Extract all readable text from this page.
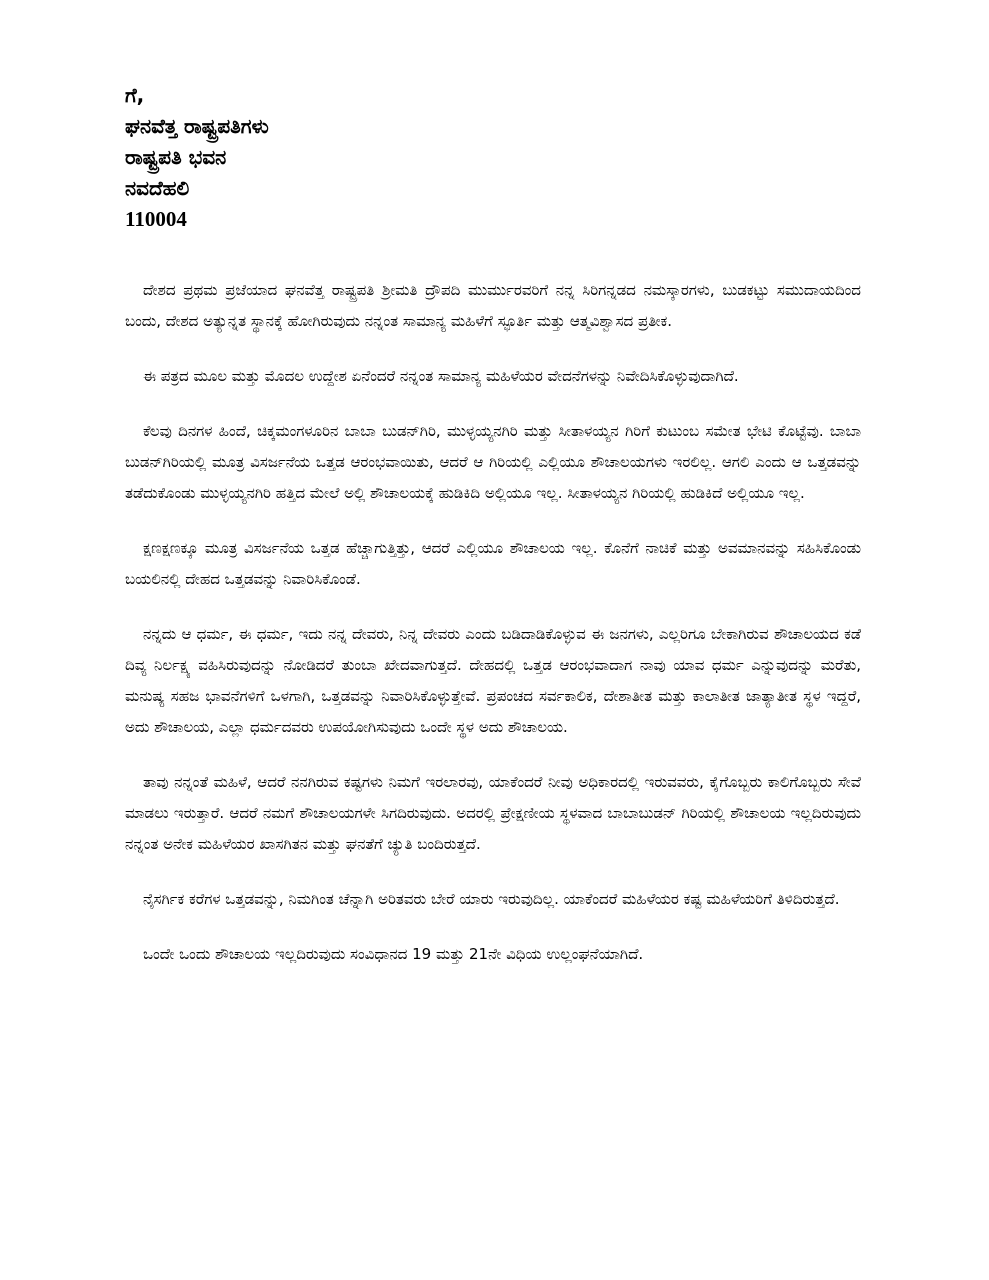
ಗೆ,
ಘನವೆತ್ತ ರಾಷ್ಟ್ರಪತಿಗಳು
ರಾಷ್ಟ್ರಪತಿ ಭವನ
ನವದೆಹಲಿ
110004

ದೇಶದ ಪ್ರಥಮ ಪ್ರಜೆಯಾದ ಘನವೆತ್ತ ರಾಷ್ಟ್ರಪತಿ ಶ್ರೀಮತಿ ದ್ರೌಪದಿ ಮುರ್ಮುರವರಿಗೆ ನನ್ನ ಸಿರಿಗನ್ನಡದ ನಮಸ್ಕಾರಗಳು, ಬುಡಕಟ್ಟು ಸಮುದಾಯದಿಂದ ಬಂದು, ದೇಶದ ಅತ್ಯುನ್ನತ ಸ್ಥಾನಕ್ಕೆ ಹೋಗಿರುವುದು ನನ್ನಂತ ಸಾಮಾನ್ಯ ಮಹಿಳೆಗೆ ಸ್ಫೂರ್ತಿ ಮತ್ತು ಆತ್ಮವಿಶ್ವಾಸದ ಪ್ರತೀಕ.

ಈ ಪತ್ರದ ಮೂಲ ಮತ್ತು ಮೊದಲ ಉದ್ದೇಶ ಏನೆಂದರೆ ನನ್ನಂತ ಸಾಮಾನ್ಯ ಮಹಿಳೆಯರ ವೇದನೆಗಳನ್ನು ನಿವೇದಿಸಿಕೊಳ್ಳುವುದಾಗಿದೆ.

ಕೆಲವು ದಿನಗಳ ಹಿಂದೆ, ಚಿಕ್ಕಮಂಗಳೂರಿನ ಬಾಬಾ ಬುಡನ್‌ಗಿರಿ, ಮುಳ್ಳಯ್ಯನಗಿರಿ ಮತ್ತು ಸೀತಾಳಯ್ಯನ ಗಿರಿಗೆ ಕುಟುಂಬ ಸಮೇತ ಭೇಟಿ ಕೊಟ್ಟೆವು. ಬಾಬಾ ಬುಡನ್‌ಗಿರಿಯಲ್ಲಿ ಮೂತ್ರ ವಿಸರ್ಜನೆಯ ಒತ್ತಡ ಆರಂಭವಾಯಿತು, ಆದರೆ ಆ ಗಿರಿಯಲ್ಲಿ ಎಲ್ಲಿಯೂ ಶೌಚಾಲಯಗಳು ಇರಲಿಲ್ಲ. ಆಗಲಿ ಎಂದು ಆ ಒತ್ತಡವನ್ನು ತಡೆದುಕೊಂಡು ಮುಳ್ಳಯ್ಯನಗಿರಿ ಹತ್ತಿದ ಮೇಲೆ ಅಲ್ಲಿ ಶೌಚಾಲಯಕ್ಕೆ ಹುಡಿಕಿದಿ ಅಲ್ಲಿಯೂ ಇಲ್ಲ. ಸೀತಾಳಯ್ಯನ ಗಿರಿಯಲ್ಲಿ ಹುಡಿಕಿದೆ ಅಲ್ಲಿಯೂ ಇಲ್ಲ.

ಕ್ಷಣಕ್ಷಣಕ್ಕೂ ಮೂತ್ರ ವಿಸರ್ಜನೆಯ ಒತ್ತಡ ಹೆಚ್ಚಾಗುತ್ತಿತ್ತು, ಆದರೆ ಎಲ್ಲಿಯೂ ಶೌಚಾಲಯ ಇಲ್ಲ. ಕೊನೆಗೆ ನಾಚಿಕೆ ಮತ್ತು ಅವಮಾನವನ್ನು ಸಹಿಸಿಕೊಂಡು ಬಯಲಿನಲ್ಲಿ ದೇಹದ ಒತ್ತಡವನ್ನು ನಿವಾರಿಸಿಕೊಂಡೆ.

ನನ್ನದು ಆ ಧರ್ಮ, ಈ ಧರ್ಮ, ಇದು ನನ್ನ ದೇವರು, ನಿನ್ನ ದೇವರು ಎಂದು ಬಡಿದಾಡಿಕೊಳ್ಳುವ ಈ ಜನಗಳು, ಎಲ್ಲರಿಗೂ ಬೇಕಾಗಿರುವ ಶೌಚಾಲಯದ ಕಡೆ ದಿವ್ಯ ನಿರ್ಲಕ್ಷ್ಯ ವಹಿಸಿರುವುದನ್ನು ನೋಡಿದರೆ ತುಂಬಾ ಖೇದವಾಗುತ್ತದೆ. ದೇಹದಲ್ಲಿ ಒತ್ತಡ ಆರಂಭವಾದಾಗ ನಾವು ಯಾವ ಧರ್ಮ ಎನ್ನುವುದನ್ನು ಮರೆತು, ಮನುಷ್ಯ ಸಹಜ ಭಾವನೆಗಳಿಗೆ ಒಳಗಾಗಿ, ಒತ್ತಡವನ್ನು ನಿವಾರಿಸಿಕೊಳ್ಳುತ್ತೇವೆ. ಪ್ರಪಂಚದ ಸರ್ವಕಾಲಿಕ, ದೇಶಾತೀತ ಮತ್ತು ಕಾಲಾತೀತ ಜಾತ್ಯಾತೀತ ಸ್ಥಳ ಇದ್ದರೆ, ಅದು ಶೌಚಾಲಯ, ಎಲ್ಲಾ ಧರ್ಮದವರು ಉಪಯೋಗಿಸುವುದು ಒಂದೇ ಸ್ಥಳ ಅದು ಶೌಚಾಲಯ.

ತಾವು ನನ್ನಂತೆ ಮಹಿಳೆ, ಆದರೆ ನನಗಿರುವ ಕಷ್ಟಗಳು ನಿಮಗೆ ಇರಲಾರವು, ಯಾಕೆಂದರೆ ನೀವು ಅಧಿಕಾರದಲ್ಲಿ ಇರುವವರು, ಕೈಗೊಬ್ಬರು ಕಾಲಿಗೊಬ್ಬರು ಸೇವೆ ಮಾಡಲು ಇರುತ್ತಾರೆ. ಆದರೆ ನಮಗೆ ಶೌಚಾಲಯಗಳೇ ಸಿಗದಿರುವುದು. ಅದರಲ್ಲಿ ಪ್ರೇಕ್ಷಣೀಯ ಸ್ಥಳವಾದ ಬಾಬಾಬುಡನ್ ಗಿರಿಯಲ್ಲಿ ಶೌಚಾಲಯ ಇಲ್ಲದಿರುವುದು ನನ್ನಂತ ಅನೇಕ ಮಹಿಳೆಯರ ಖಾಸಗಿತನ ಮತ್ತು ಘನತೆಗೆ ಚ್ಯುತಿ ಬಂದಿರುತ್ತದೆ.

ನೈಸರ್ಗಿಕ ಕರೆಗಳ ಒತ್ತಡವನ್ನು, ನಿಮಗಿಂತ ಚೆನ್ನಾಗಿ ಅರಿತವರು ಬೇರೆ ಯಾರು ಇರುವುದಿಲ್ಲ. ಯಾಕೆಂದರೆ ಮಹಿಳೆಯರ ಕಷ್ಟ ಮಹಿಳೆಯರಿಗೆ ತಿಳಿದಿರುತ್ತದೆ.

ಒಂದೇ ಒಂದು ಶೌಚಾಲಯ ಇಲ್ಲದಿರುವುದು ಸಂವಿಧಾನದ 19 ಮತ್ತು 21ನೇ ವಿಧಿಯ ಉಲ್ಲಂಘನೆಯಾಗಿದೆ.
